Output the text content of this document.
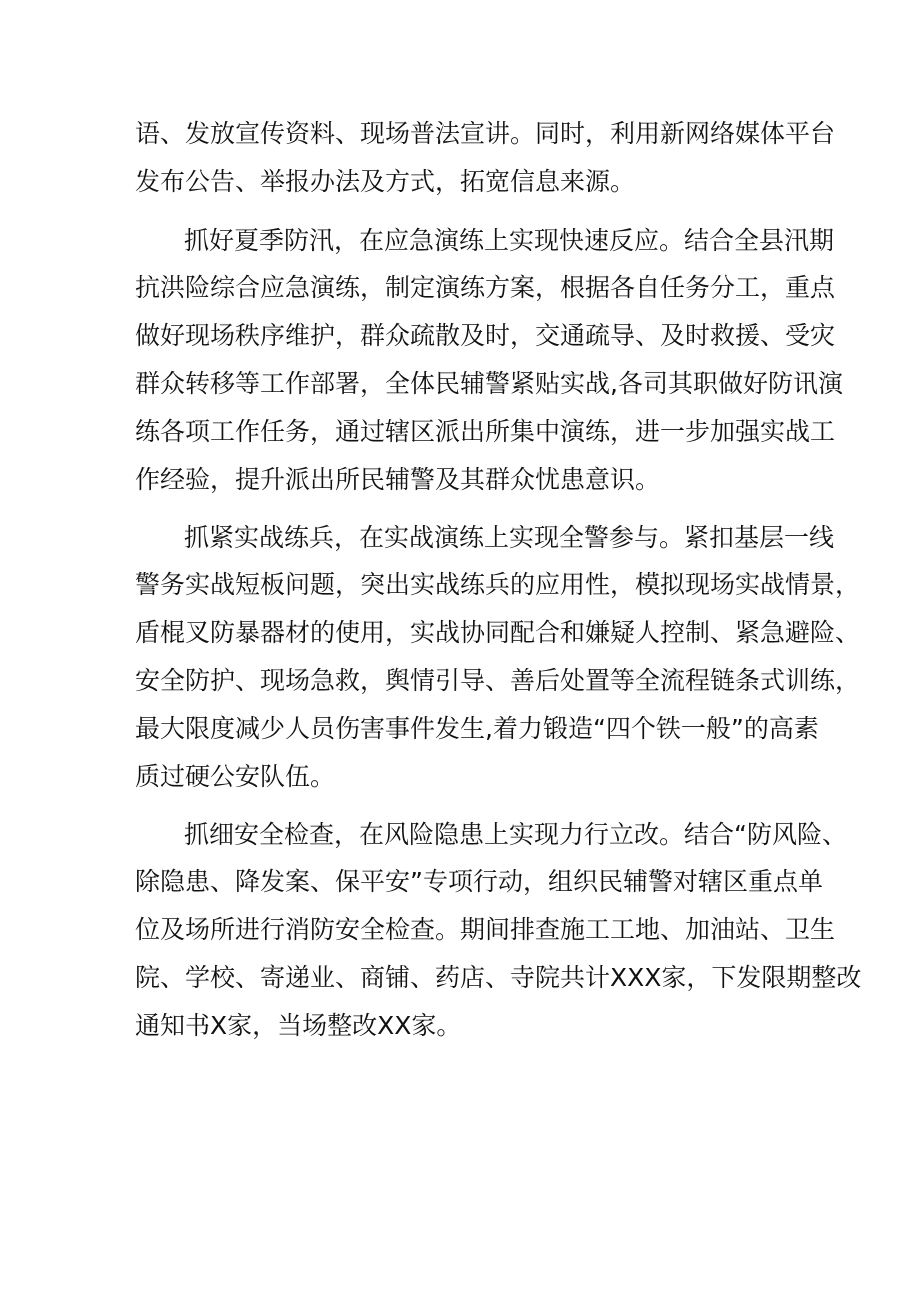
语、发放宣传资料、现场普法宣讲。同时，利用新网络媒体平台
发布公告、举报办法及方式，拓宽信息来源。
抓好夏季防汛，在应急演练上实现快速反应。结合全县汛期
抗洪险综合应急演练，制定演练方案，根据各自任务分工，重点
做好现场秩序维护，群众疏散及时，交通疏导、及时救援、受灾
群众转移等工作部署，全体民辅警紧贴实战,各司其职做好防讯演
练各项工作任务，通过辖区派出所集中演练，进一步加强实战工
作经验，提升派出所民辅警及其群众忧患意识。
抓紧实战练兵，在实战演练上实现全警参与。紧扣基层一线
警务实战短板问题，突出实战练兵的应用性，模拟现场实战情景，
盾棍叉防暴器材的使用，实战协同配合和嫌疑人控制、紧急避险、
安全防护、现场急救，舆情引导、善后处置等全流程链条式训练，
最大限度减少人员伤害事件发生,着力锻造“四个铁一般”的高素
质过硬公安队伍。
抓细安全检查，在风险隐患上实现力行立改。结合“防风险、
除隐患、降发案、保平安”专项行动，组织民辅警对辖区重点单
位及场所进行消防安全检查。期间排查施工工地、加油站、卫生
院、学校、寄递业、商铺、药店、寺院共计XXX家，下发限期整改
通知书X家，当场整改XX家。
